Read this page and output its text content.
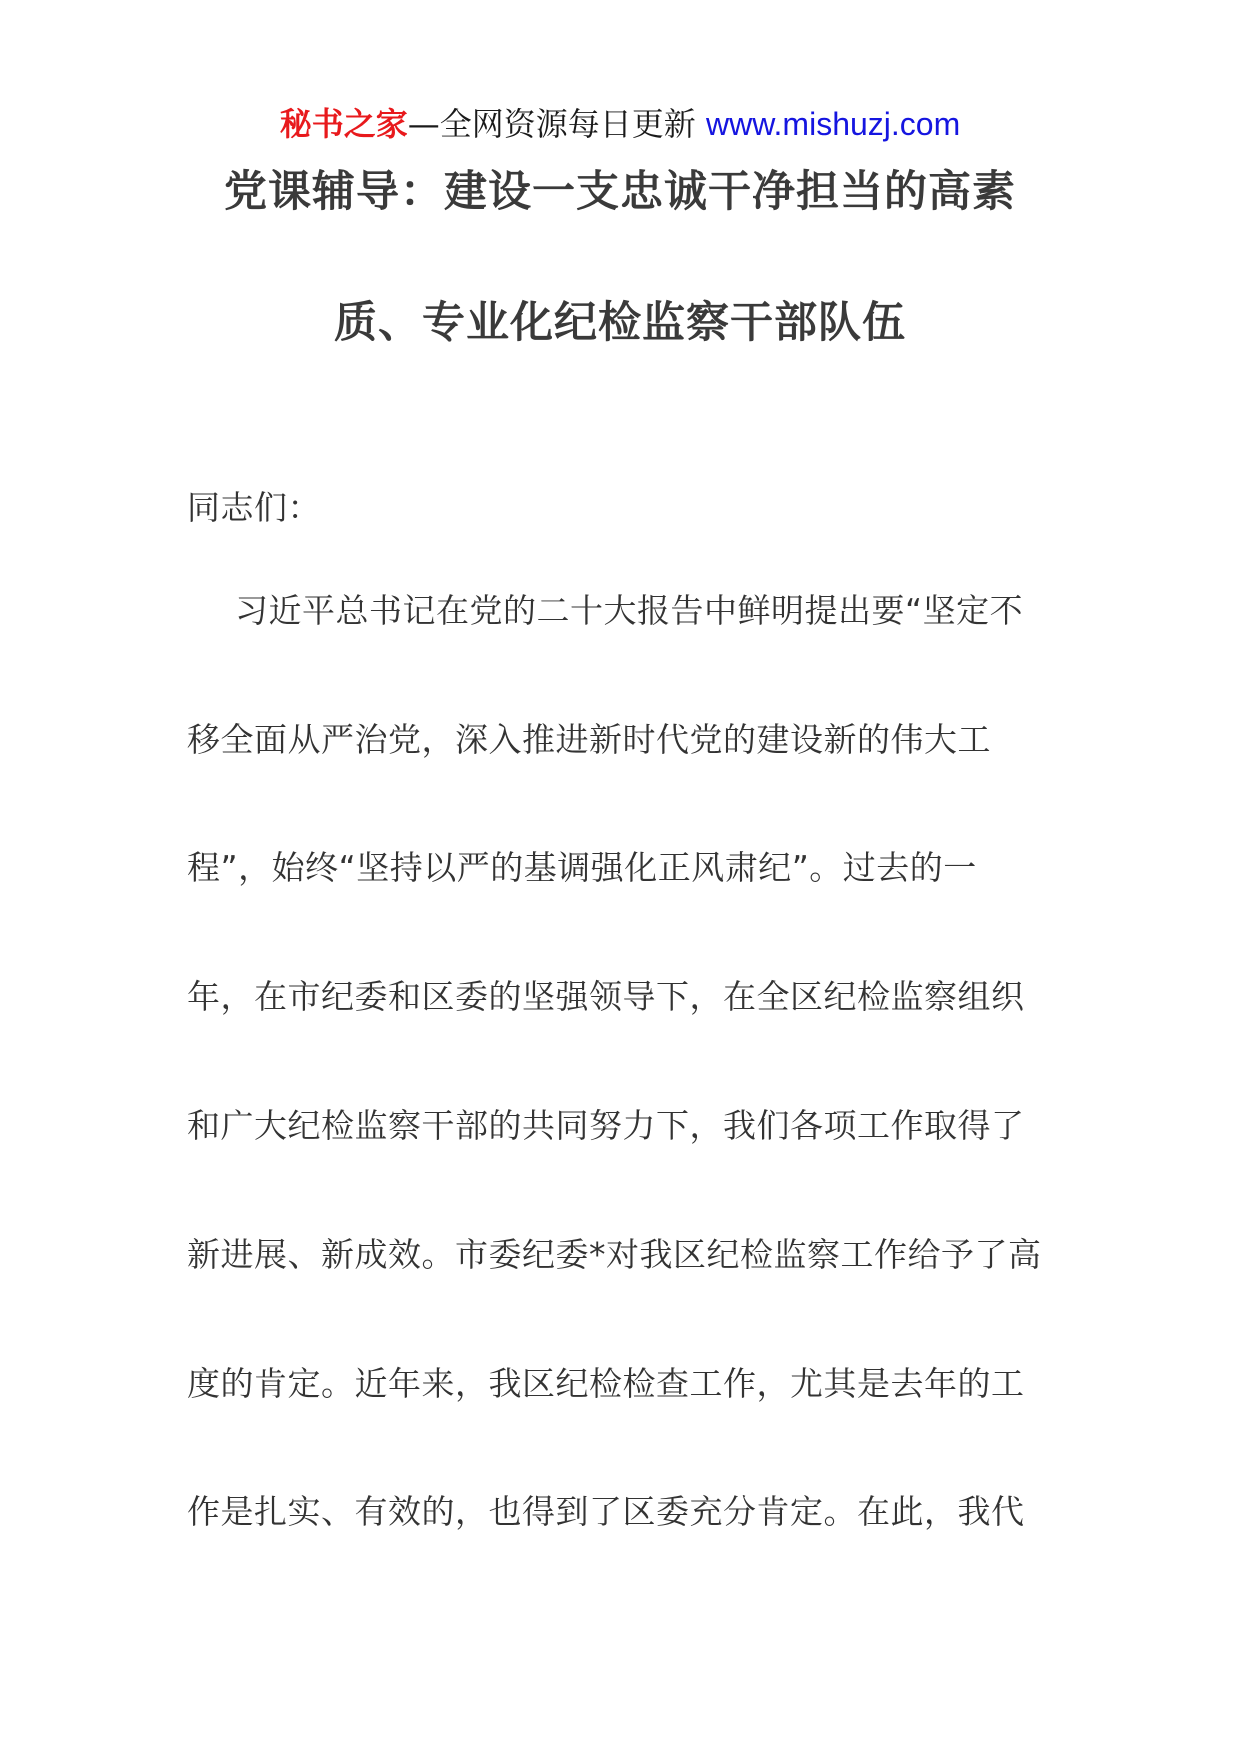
秘书之家—全网资源每日更新 www.mishuzj.com
党课辅导：建设一支忠诚干净担当的高素
质、专业化纪检监察干部队伍
同志们：
习近平总书记在党的二十大报告中鲜明提出要“坚定不
移全面从严治党，深入推进新时代党的建设新的伟大工
程”，始终“坚持以严的基调强化正风肃纪”。过去的一
年，在市纪委和区委的坚强领导下，在全区纪检监察组织
和广大纪检监察干部的共同努力下，我们各项工作取得了
新进展、新成效。市委纪委*对我区纪检监察工作给予了高
度的肯定。近年来，我区纪检检查工作，尤其是去年的工
作是扎实、有效的，也得到了区委充分肯定。在此，我代
